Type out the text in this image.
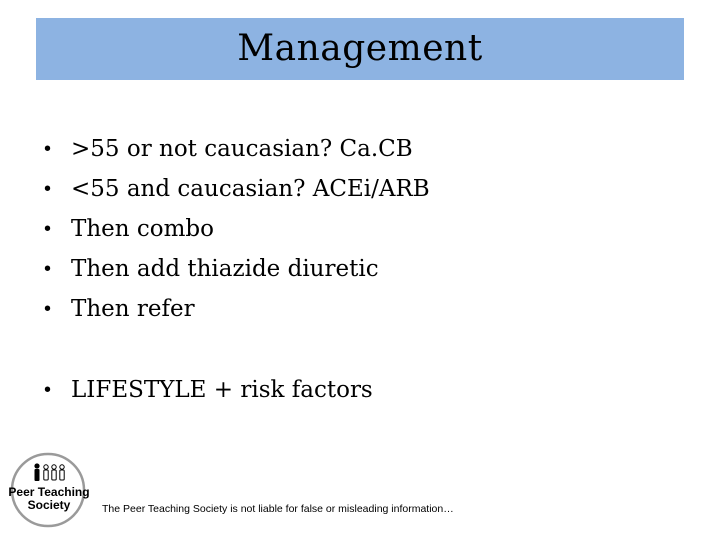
Management
• >55 or not caucasian? Ca.CB
• <55 and caucasian? ACEi/ARB
• Then combo
• Then add thiazide diuretic
• Then refer
• LIFESTYLE + risk factors
Peer Teaching
Society	The Peer Teaching Society is not liable for false or misleading information…
